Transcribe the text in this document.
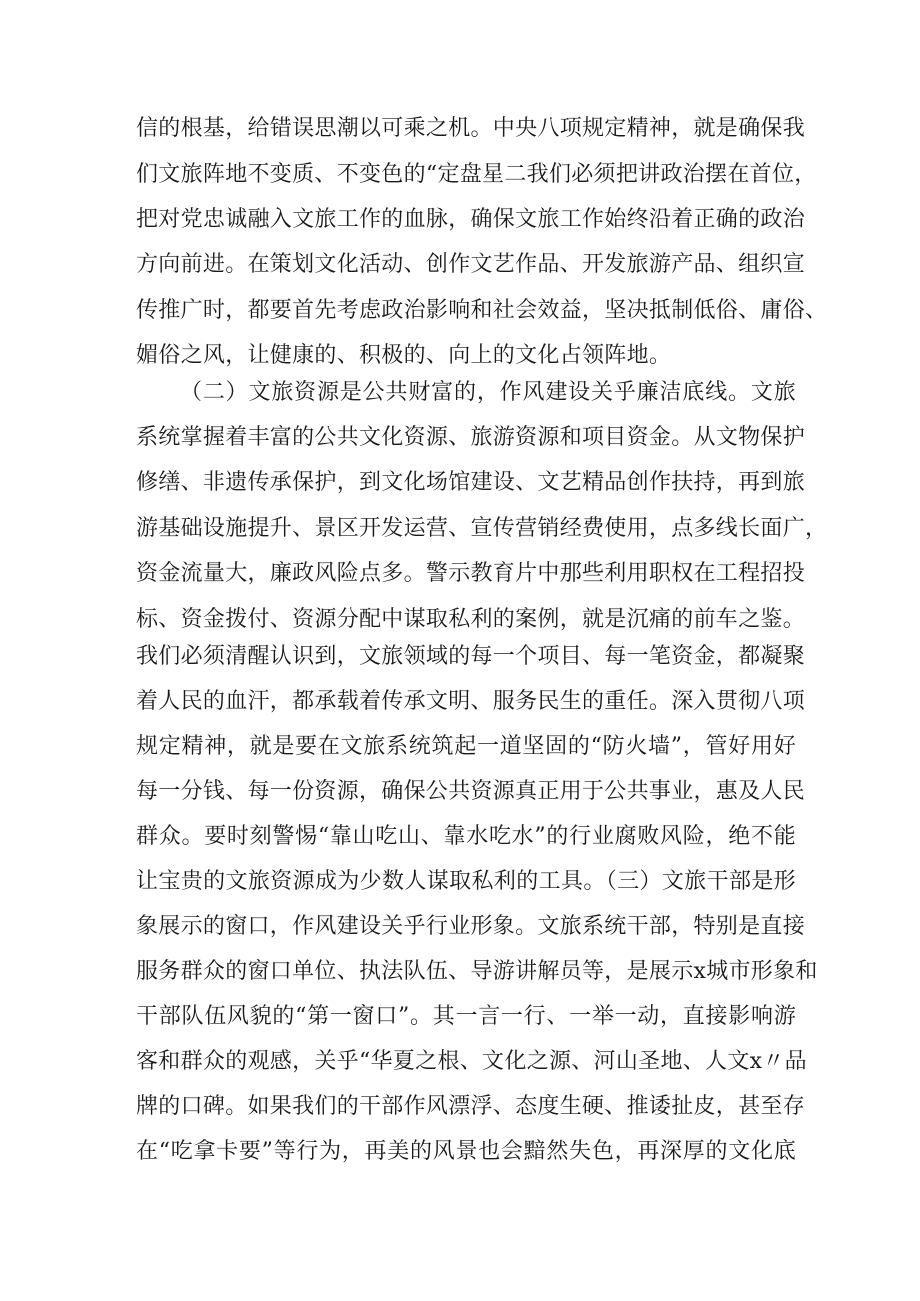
信的根基，给错误思潮以可乘之机。中央八项规定精神，就是确保我
们文旅阵地不变质、不变色的“定盘星二我们必须把讲政治摆在首位，
把对党忠诚融入文旅工作的血脉，确保文旅工作始终沿着正确的政治
方向前进。在策划文化活动、创作文艺作品、开发旅游产品、组织宣
传推广时，都要首先考虑政治影响和社会效益，坚决抵制低俗、庸俗、
媚俗之风，让健康的、积极的、向上的文化占领阵地。
（二）文旅资源是公共财富的，作风建设关乎廉洁底线。文旅
系统掌握着丰富的公共文化资源、旅游资源和项目资金。从文物保护
修缮、非遗传承保护，到文化场馆建设、文艺精品创作扶持，再到旅
游基础设施提升、景区开发运营、宣传营销经费使用，点多线长面广，
资金流量大，廉政风险点多。警示教育片中那些利用职权在工程招投
标、资金拨付、资源分配中谋取私利的案例，就是沉痛的前车之鉴。
我们必须清醒认识到，文旅领域的每一个项目、每一笔资金，都凝聚
着人民的血汗，都承载着传承文明、服务民生的重任。深入贯彻八项
规定精神，就是要在文旅系统筑起一道坚固的“防火墙”，管好用好
每一分钱、每一份资源，确保公共资源真正用于公共事业，惠及人民
群众。要时刻警惕“靠山吃山、靠水吃水”的行业腐败风险，绝不能
让宝贵的文旅资源成为少数人谋取私利的工具。（三）文旅干部是形
象展示的窗口，作风建设关乎行业形象。文旅系统干部，特别是直接
服务群众的窗口单位、执法队伍、导游讲解员等，是展示x城市形象和
干部队伍风貌的“第一窗口”。其一言一行、一举一动，直接影响游
客和群众的观感，关乎“华夏之根、文化之源、河山圣地、人文x〃品
牌的口碑。如果我们的干部作风漂浮、态度生硬、推诿扯皮，甚至存
在“吃拿卡要”等行为，再美的风景也会黯然失色，再深厚的文化底
